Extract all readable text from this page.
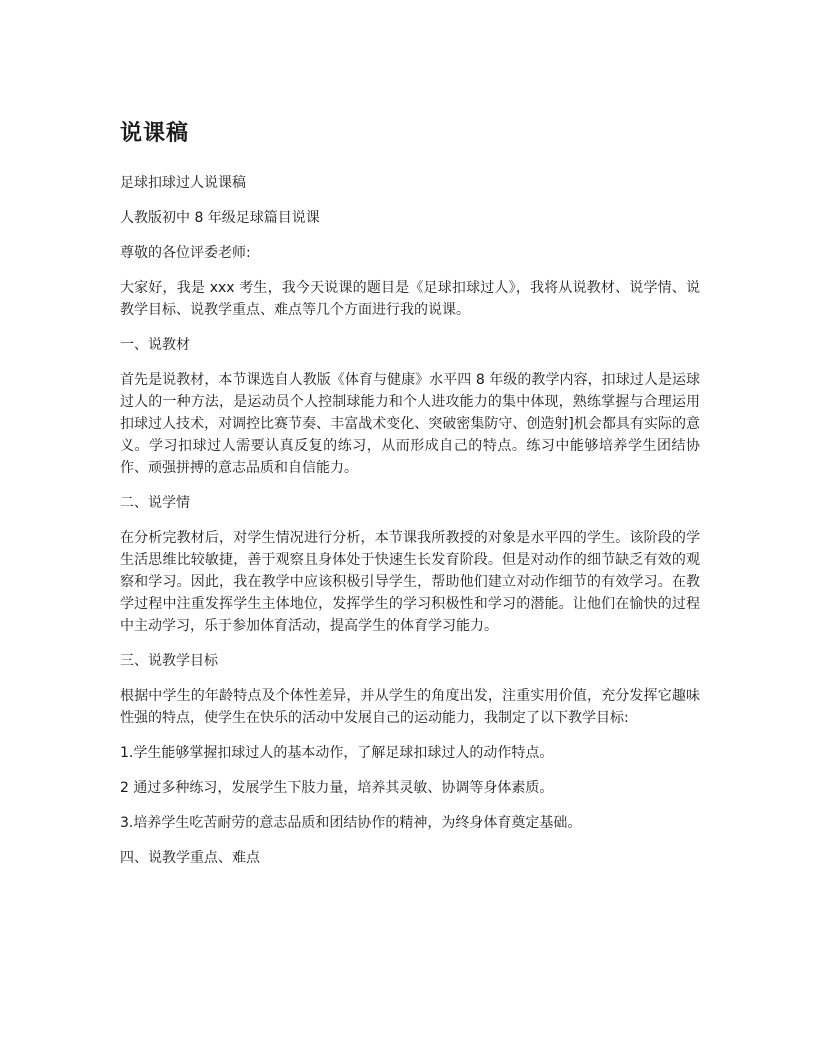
说课稿

足球扣球过人说课稿

人教版初中 8 年级足球篇目说课

尊敬的各位评委老师:

大家好，我是 xxx 考生，我今天说课的题目是《足球扣球过人》，我将从说教材、说学情、说教学目标、说教学重点、难点等几个方面进行我的说课。

一、说教材

首先是说教材，本节课选自人教版《体育与健康》水平四 8 年级的教学内容，扣球过人是运球过人的一种方法，是运动员个人控制球能力和个人进攻能力的集中体现，熟练掌握与合理运用扣球过人技术，对调控比赛节奏、丰富战术变化、突破密集防守、创造射]机会都具有实际的意义。学习扣球过人需要认真反复的练习，从而形成自己的特点。练习中能够培养学生团结协作、顽强拼搏的意志品质和自信能力。

二、说学情

在分析完教材后，对学生情况进行分析，本节课我所教授的对象是水平四的学生。该阶段的学生活思维比较敏捷，善于观察且身体处于快速生长发育阶段。但是对动作的细节缺乏有效的观察和学习。因此，我在教学中应该积极引导学生，帮助他们建立对动作细节的有效学习。在教学过程中注重发挥学生主体地位，发挥学生的学习积极性和学习的潜能。让他们在愉快的过程中主动学习，乐于参加体育活动，提高学生的体育学习能力。

三、说教学目标

根据中学生的年龄特点及个体性差异，并从学生的角度出发，注重实用价值，充分发挥它趣味性强的特点，使学生在快乐的活动中发展自己的运动能力，我制定了以下教学目标:

1.学生能够掌握扣球过人的基本动作，了解足球扣球过人的动作特点。

2 通过多种练习，发展学生下肢力量，培养其灵敏、协调等身体素质。

3.培养学生吃苦耐劳的意志品质和团结协作的精神，为终身体育奠定基础。

四、说教学重点、难点
